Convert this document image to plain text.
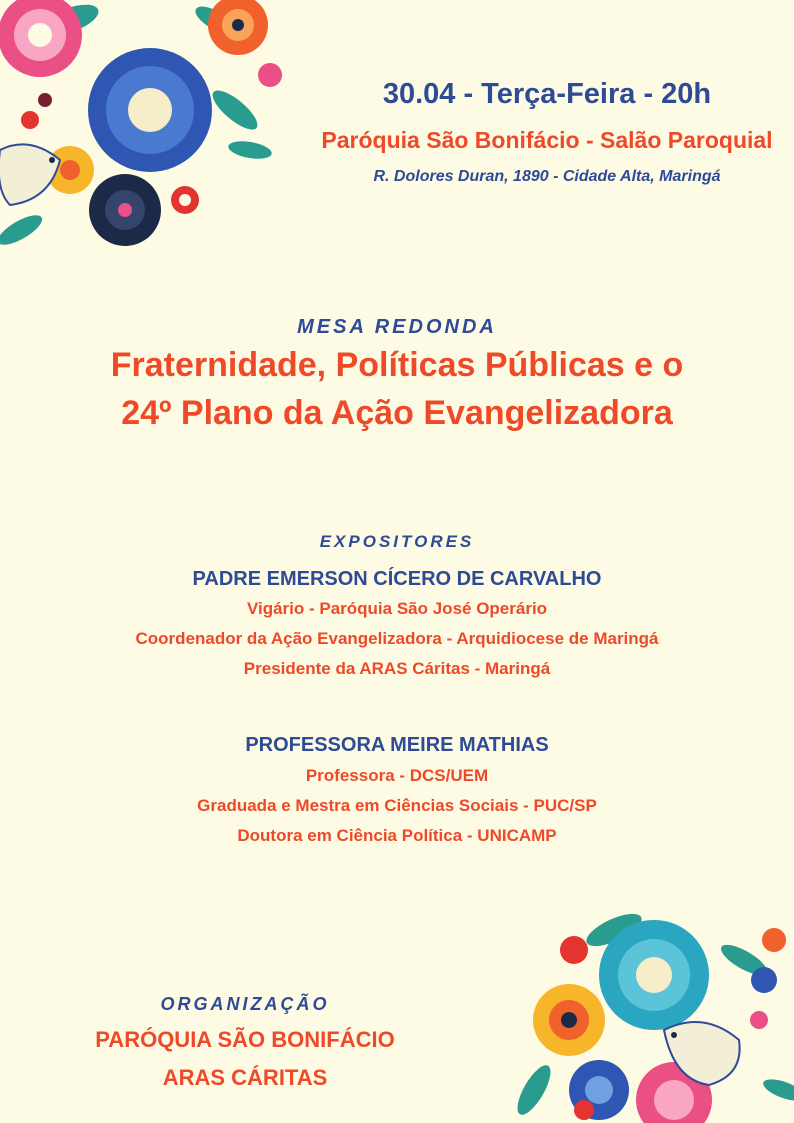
30.04 - Terça-Feira - 20h
Paróquia São Bonifácio - Salão Paroquial
R. Dolores Duran, 1890 - Cidade Alta, Maringá
MESA REDONDA
Fraternidade, Políticas Públicas e o
24º Plano da Ação Evangelizadora
EXPOSITORES
PADRE EMERSON CÍCERO DE CARVALHO
Vigário - Paróquia São José Operário
Coordenador da Ação Evangelizadora - Arquidiocese de Maringá
Presidente da ARAS Cáritas - Maringá
PROFESSORA MEIRE MATHIAS
Professora - DCS/UEM
Graduada e Mestra em Ciências Sociais - PUC/SP
Doutora em Ciência Política - UNICAMP
ORGANIZAÇÃO
PARÓQUIA SÃO BONIFÁCIO
ARAS CÁRITAS
